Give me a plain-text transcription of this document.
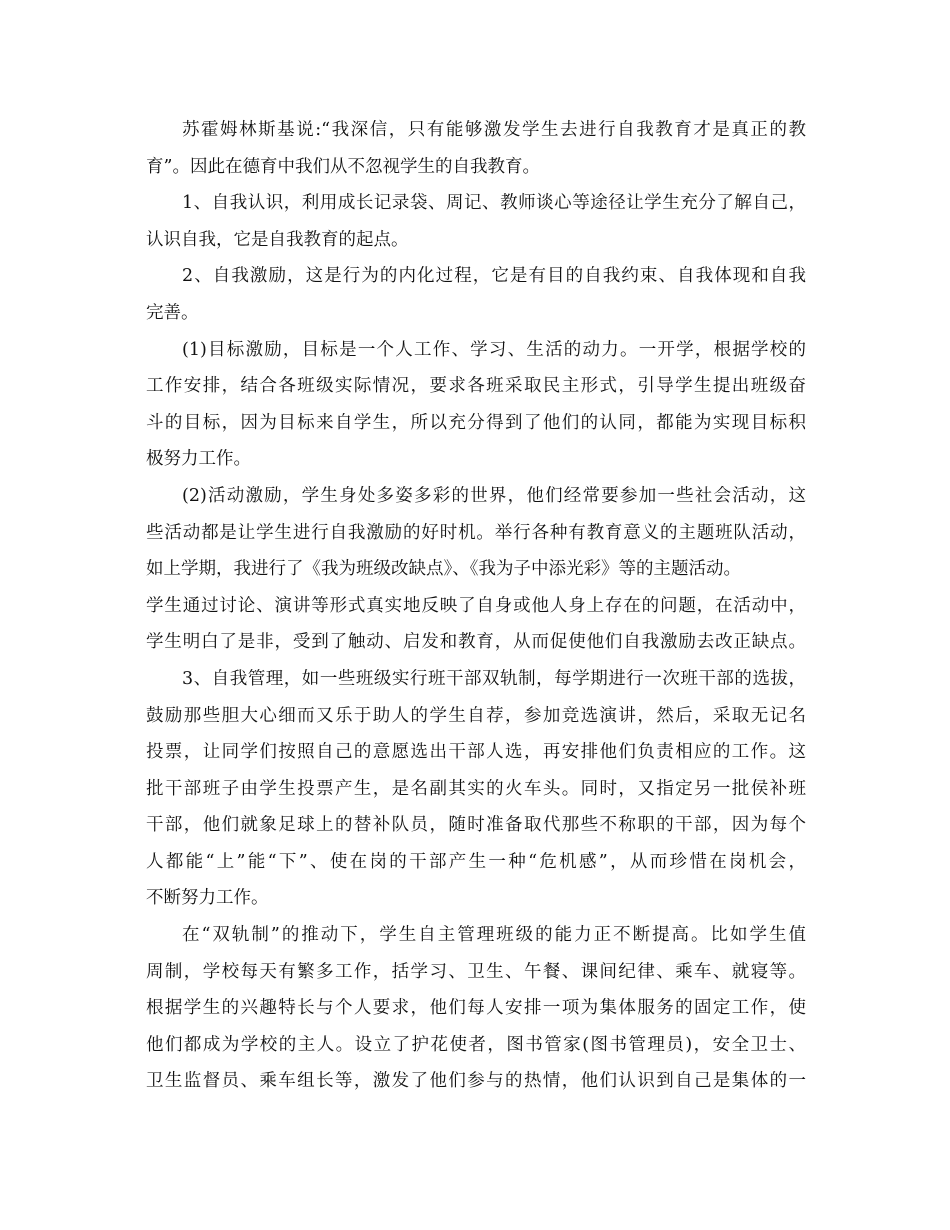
苏霍姆林斯基说:“我深信，只有能够激发学生去进行自我教育才是真正的教
育”。因此在德育中我们从不忽视学生的自我教育。
1、自我认识，利用成长记录袋、周记、教师谈心等途径让学生充分了解自己，
认识自我，它是自我教育的起点。
2、自我激励，这是行为的内化过程，它是有目的自我约束、自我体现和自我
完善。
(1)目标激励，目标是一个人工作、学习、生活的动力。一开学，根据学校的
工作安排，结合各班级实际情况，要求各班采取民主形式，引导学生提出班级奋
斗的目标，因为目标来自学生，所以充分得到了他们的认同，都能为实现目标积
极努力工作。
(2)活动激励，学生身处多姿多彩的世界，他们经常要参加一些社会活动，这
些活动都是让学生进行自我激励的好时机。举行各种有教育意义的主题班队活动，
如上学期，我进行了《我为班级改缺点》、《我为子中添光彩》等的主题活动。
学生通过讨论、演讲等形式真实地反映了自身或他人身上存在的问题，在活动中，
学生明白了是非，受到了触动、启发和教育，从而促使他们自我激励去改正缺点。
3、自我管理，如一些班级实行班干部双轨制，每学期进行一次班干部的选拔，
鼓励那些胆大心细而又乐于助人的学生自荐，参加竞选演讲，然后，采取无记名
投票，让同学们按照自己的意愿选出干部人选，再安排他们负责相应的工作。这
批干部班子由学生投票产生，是名副其实的火车头。同时，又指定另一批侯补班
干部，他们就象足球上的替补队员，随时准备取代那些不称职的干部，因为每个
人都能“上”能“下”、使在岗的干部产生一种“危机感”，从而珍惜在岗机会，
不断努力工作。
在“双轨制”的推动下，学生自主管理班级的能力正不断提高。比如学生值
周制，学校每天有繁多工作，括学习、卫生、午餐、课间纪律、乘车、就寝等。
根据学生的兴趣特长与个人要求，他们每人安排一项为集体服务的固定工作，使
他们都成为学校的主人。设立了护花使者，图书管家(图书管理员)，安全卫士、
卫生监督员、乘车组长等，激发了他们参与的热情，他们认识到自己是集体的一
